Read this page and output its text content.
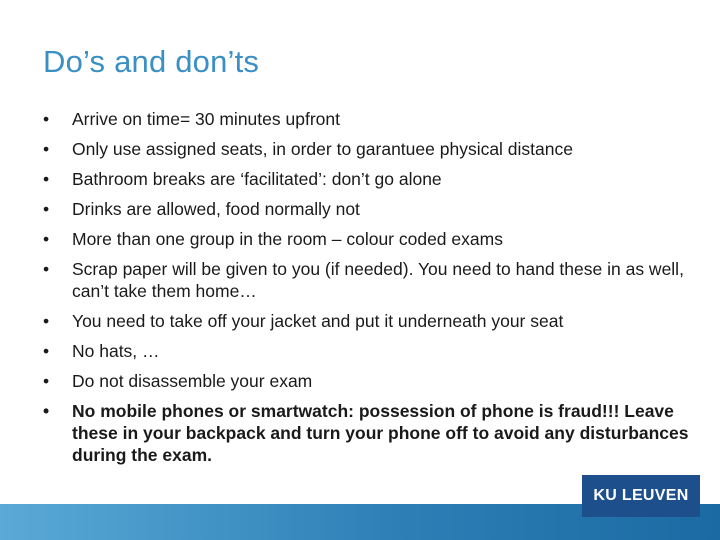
Do’s and don’ts
•	Arrive on time= 30 minutes upfront
•	Only use assigned seats, in order to garantuee physical distance
•	Bathroom breaks are ‘facilitated’: don’t go alone
•	Drinks are allowed, food normally not
•	More than one group in the room – colour coded exams
•	Scrap paper will be given to you (if needed). You need to hand these in as well, can’t take them home…
•	You need to take off your jacket and put it underneath your seat
•	No hats, …
•	Do not disassemble your exam
•	No mobile phones or smartwatch: possession of phone is fraud!!! Leave these in your backpack and turn your phone off to avoid any disturbances during the exam.
KU LEUVEN
